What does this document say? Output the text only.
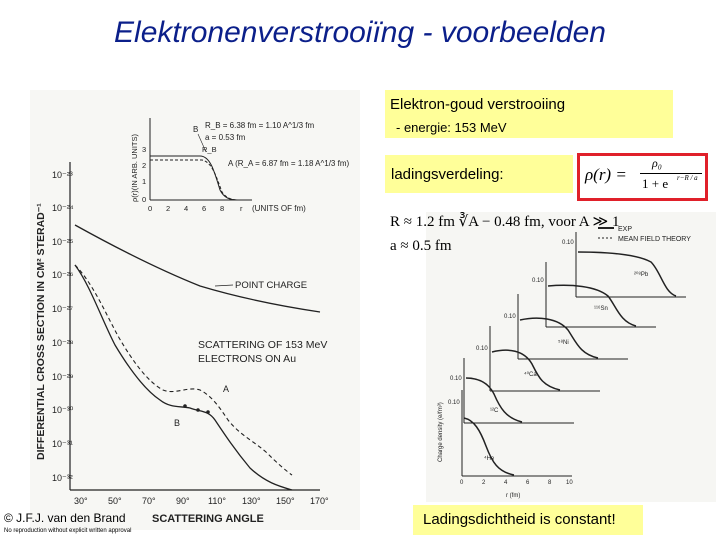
Elektronenverstrooiïng - voorbeelden
10⁻²³
10⁻²⁴
10⁻²⁵
10⁻²⁶
10⁻²⁷
10⁻²⁸
10⁻²⁹
10⁻³⁰
10⁻³¹
10⁻³²
30° 50° 70° 90° 110° 130° 150° 170°
DIFFERENTIAL CROSS SECTION IN CM² STERAD⁻¹
SCATTERING ANGLE
POINT CHARGE
SCATTERING OF 153 MeV
ELECTRONS ON Au
A
B
ρ(r)(IN ARB. UNITS) 0
1
2
3
0 2 4 6 8 r (UNITS OF fm)
B R_B = 6.38 fm = 1.10 A^1/3 fm
a = 0.53 fm
R_B
A (R_A = 6.87 fm = 1.18 A^1/3 fm)
EXP
MEAN FIELD THEORY
0.10
²⁰⁸Pb
0.10
¹¹⁶Sn
0.10
⁵⁸Ni
0.10
⁴⁰Ca
0.10
¹²C
0.10
⁴He
0	2	4	6	8 10
Charge density (e/fm³)
r (fm)
Elektron-goud verstrooiing
- energie: 153 MeV
ladingsverdeling:	ρ(r) =
ρ₀
1 + e r−R / a
R ≈ 1.2 fm ∛A − 0.48 fm, voor A ≫ 1
a ≈ 0.5 fm
Ladingsdichtheid is constant!
© J.F.J. van den Brand
No reproduction without explicit written approval
